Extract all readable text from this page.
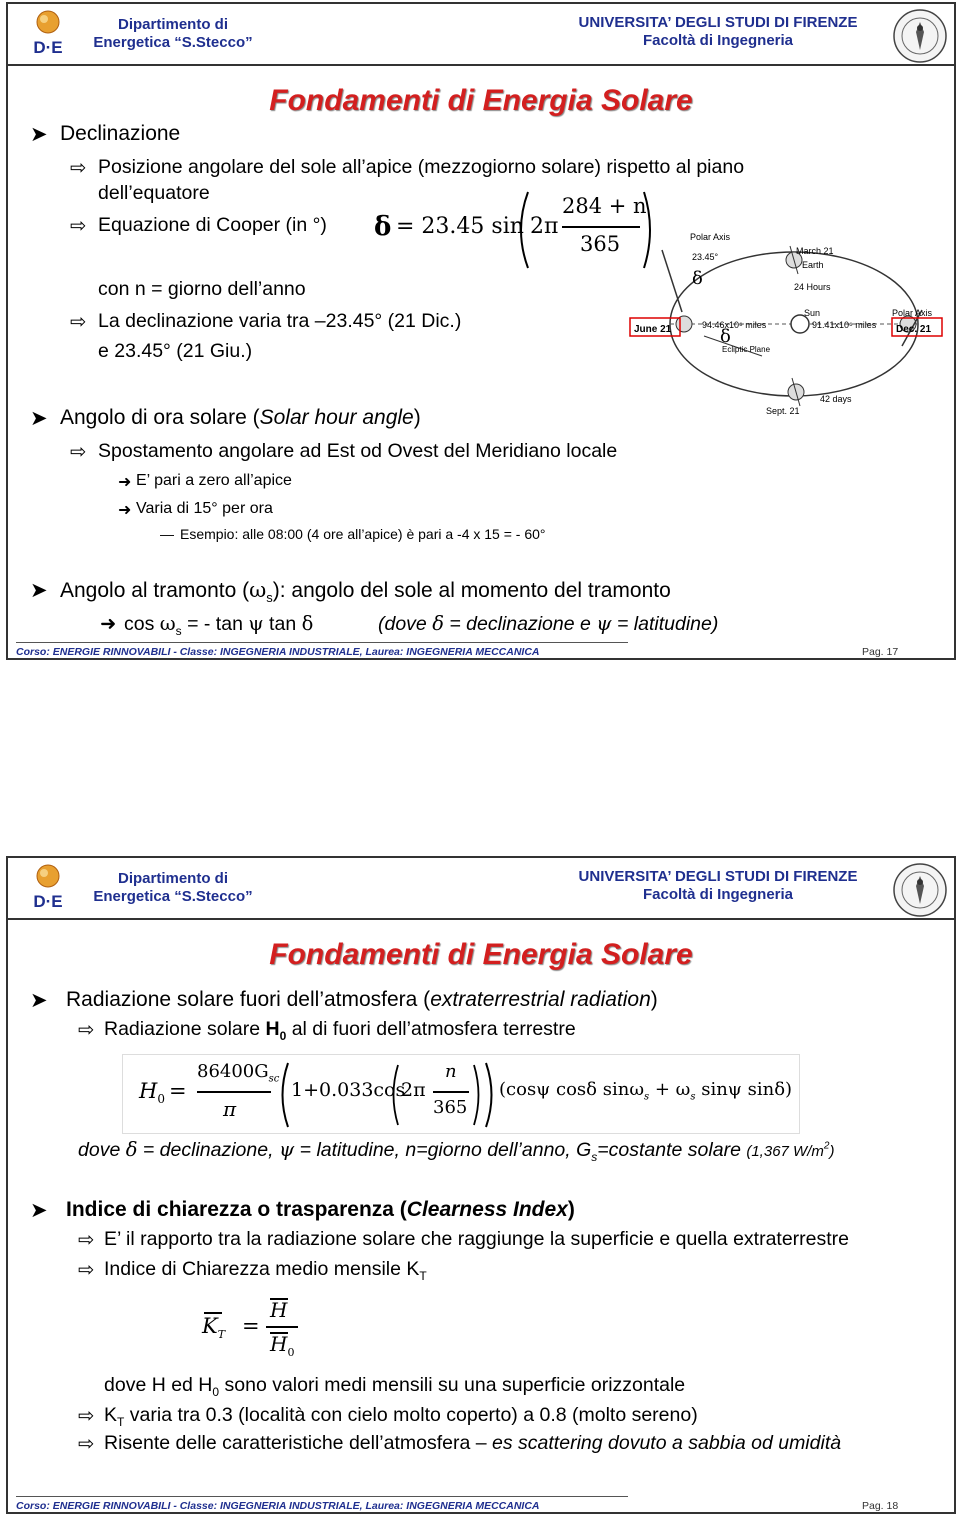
D·E
Dipartimento di
Energetica “S.Stecco”
UNIVERSITA’ DEGLI STUDI DI FIRENZE
Facoltà di Ingegneria
Fondamenti di Energia Solare
➤ Declinazione
⇨ Posizione angolare del sole all’apice (mezzogiorno solare) rispetto al piano
dell’equatore
⇨ Equazione di Cooper (in °) δ = 23.45 sin 2π
284 + n
365
con n = giorno dell’anno
⇨ La declinazione varia tra –23.45° (21 Dic.)
e 23.45° (21 Giu.)
June 21	Dec. 21
Polar Axis
23.45°
March 21
Earth
24 Hours
Sun
94.46x10⁶ miles	91.41x10⁶ miles
Ecliptic Plane
Polar Axis
42 days
Sept. 21
δ
δ
➤ Angolo di ora solare (Solar hour angle)
⇨ Spostamento angolare ad Est od Ovest del Meridiano locale
➜ E’ pari a zero all’apice
➜ Varia di 15° per ora
— Esempio: alle 08:00 (4 ore all’apice) è pari a -4 x 15 = - 60°
➤ Angolo al tramonto $(\omega_s)$: angolo del sole al momento del tramonto
➜ $\cos \omega_s$ = - tan ψ tan δ	(dove δ = declinazione e ψ = latitudine)
Corso: ENERGIE RINNOVABILI - Classe: INGEGNERIA INDUSTRIALE, Laurea: INGEGNERIA MECCANICA	Pag. 17
D·E
Dipartimento di
Energetica “S.Stecco”
UNIVERSITA’ DEGLI STUDI DI FIRENZE
Facoltà di Ingegneria
Fondamenti di Energia Solare
➤ Radiazione solare fuori dell’atmosfera (extraterrestrial radiation)
⇨ Radiazione solare $H_0$ al di fuori dell’atmosfera terrestre
$H_0$ =
$86400G_{sc}$
π
1+0.033cos
2π
n
365
(cosψ cosδ $\sin\omega_s + \omega_s$ sinψ sinδ)
dove δ = declinazione, ψ = latitudine, n=giorno dell’anno, $G_s=costante$ solare (1,367 $W/m^2$)
➤ Indice di chiarezza o trasparenza (Clearness Index)
⇨ E’ il rapporto tra la radiazione solare che raggiunge la superficie e quella extraterrestre
⇨ Indice di Chiarezza medio mensile $K_T$
$K_T$ =
H
$H_0$
dove H ed $H_0$ sono valori medi mensili su una superficie orizzontale
⇨ $K_T$ varia tra 0.3 (località con cielo molto coperto) a 0.8 (molto sereno)
⇨ Risente delle caratteristiche dell’atmosfera – es scattering dovuto a sabbia od umidità
Corso: ENERGIE RINNOVABILI - Classe: INGEGNERIA INDUSTRIALE, Laurea: INGEGNERIA MECCANICA	Pag. 18
